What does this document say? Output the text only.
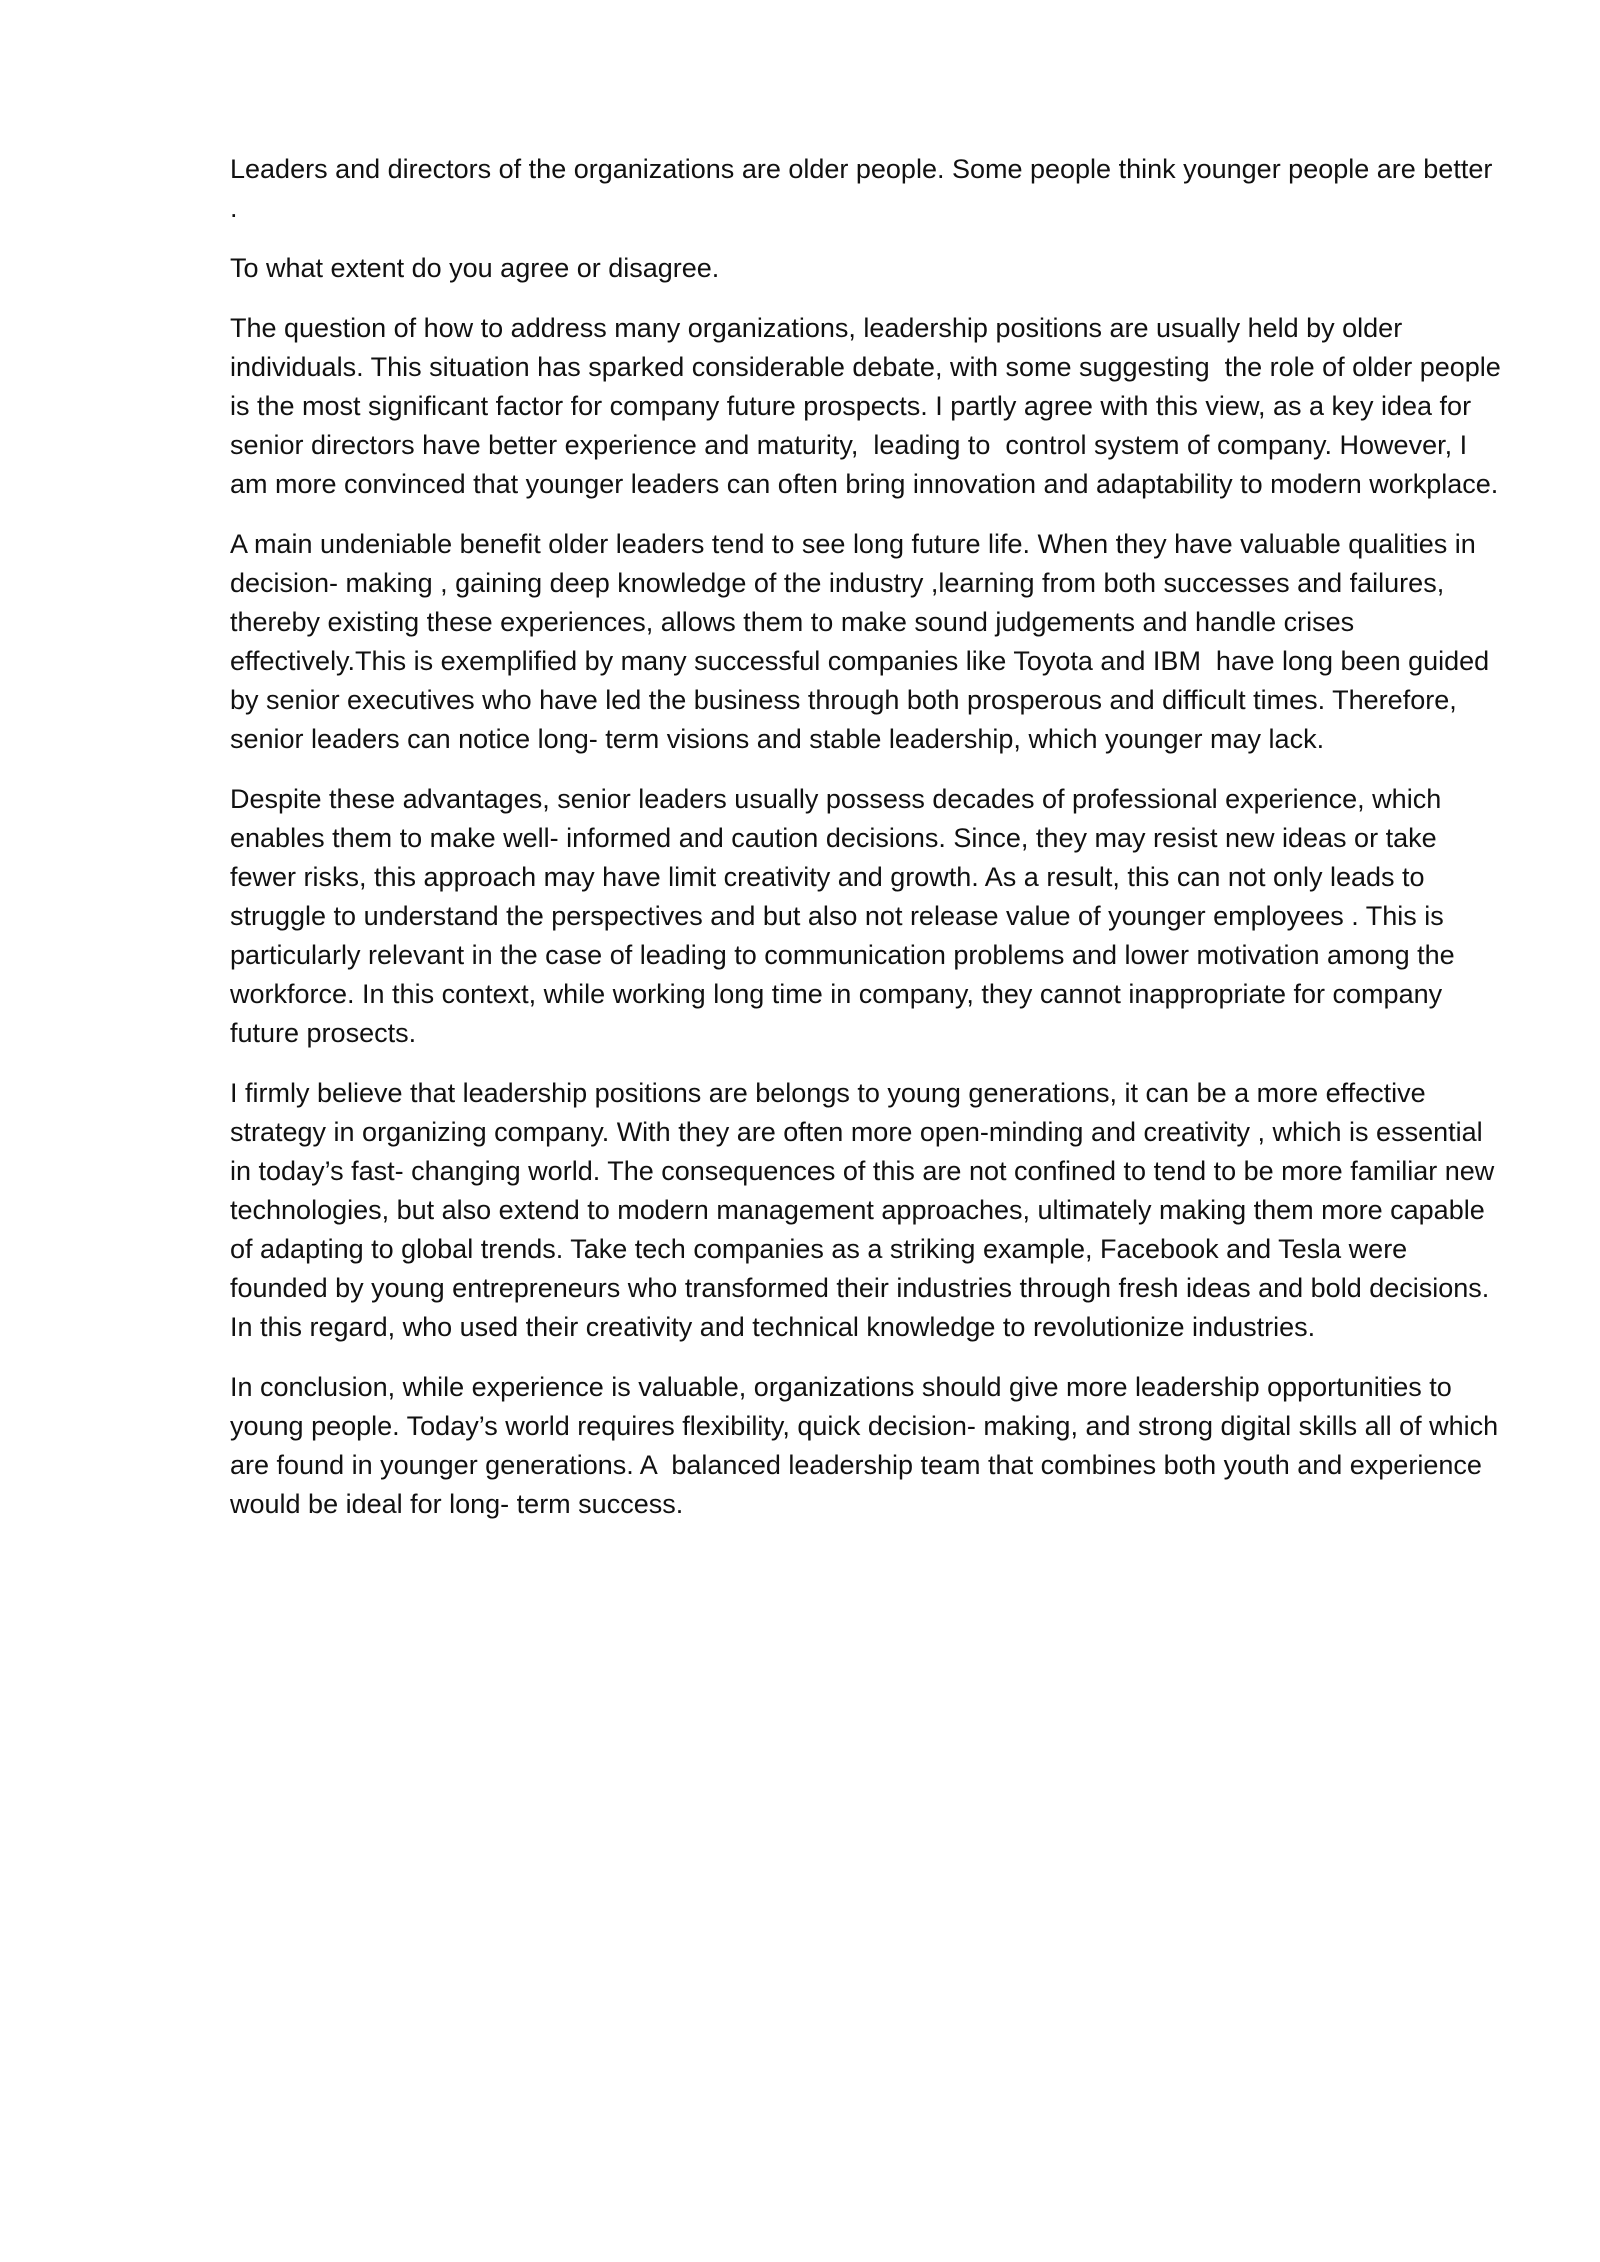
Leaders and directors of the organizations are older people. Some people think younger people are better .

To what extent do you agree or disagree.

The question of how to address many organizations, leadership positions are usually held by older individuals. This situation has sparked considerable debate, with some suggesting  the role of older people is the most significant factor for company future prospects. I partly agree with this view, as a key idea for senior directors have better experience and maturity,  leading to  control system of company. However, I am more convinced that younger leaders can often bring innovation and adaptability to modern workplace.

A main undeniable benefit older leaders tend to see long future life. When they have valuable qualities in decision- making , gaining deep knowledge of the industry ,learning from both successes and failures, thereby existing these experiences, allows them to make sound judgements and handle crises effectively.This is exemplified by many successful companies like Toyota and IBM  have long been guided by senior executives who have led the business through both prosperous and difficult times. Therefore, senior leaders can notice long- term visions and stable leadership, which younger may lack.

Despite these advantages, senior leaders usually possess decades of professional experience, which enables them to make well- informed and caution decisions. Since, they may resist new ideas or take fewer risks, this approach may have limit creativity and growth. As a result, this can not only leads to struggle to understand the perspectives and but also not release value of younger employees . This is particularly relevant in the case of leading to communication problems and lower motivation among the workforce. In this context, while working long time in company, they cannot inappropriate for company future prosects.

I firmly believe that leadership positions are belongs to young generations, it can be a more effective strategy in organizing company. With they are often more open-minding and creativity , which is essential in today’s fast- changing world. The consequences of this are not confined to tend to be more familiar new technologies, but also extend to modern management approaches, ultimately making them more capable of adapting to global trends. Take tech companies as a striking example, Facebook and Tesla were founded by young entrepreneurs who transformed their industries through fresh ideas and bold decisions. In this regard, who used their creativity and technical knowledge to revolutionize industries.

In conclusion, while experience is valuable, organizations should give more leadership opportunities to young people. Today’s world requires flexibility, quick decision- making, and strong digital skills all of which are found in younger generations. A  balanced leadership team that combines both youth and experience would be ideal for long- term success.
